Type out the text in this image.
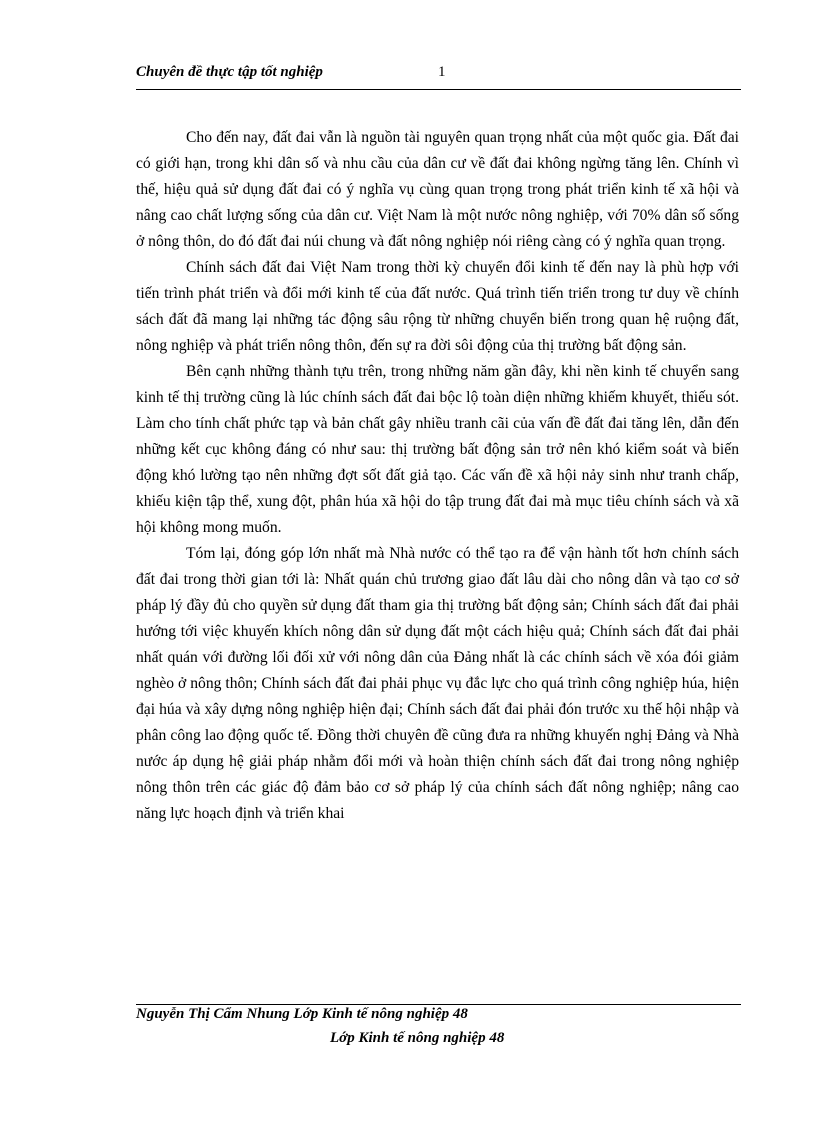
Chuyên đề thực tập tốt nghiệp	1

Cho đến nay, đất đai vẫn là nguồn tài nguyên quan trọng nhất của một quốc gia. Đất đai có giới hạn, trong khi dân số và nhu cầu của dân cư về đất đai không ngừng tăng lên. Chính vì thế, hiệu quả sử dụng đất đai có ý nghĩa vụ cùng quan trọng trong phát triển kinh tế xã hội và nâng cao chất lượng sống của dân cư. Việt Nam là một nước nông nghiệp, với 70% dân số sống ở nông thôn, do đó đất đai núi chung và đất nông nghiệp nói riêng càng có ý nghĩa quan trọng.

Chính sách đất đai Việt Nam trong thời kỳ chuyển đổi kinh tế đến nay là phù hợp với tiến trình phát triển và đổi mới kinh tế của đất nước. Quá trình tiến triển trong tư duy về chính sách đất đã mang lại những tác động sâu rộng từ những chuyển biến trong quan hệ ruộng đất, nông nghiệp và phát triển nông thôn, đến sự ra đời sôi động của thị trường bất động sản.

Bên cạnh những thành tựu trên, trong những năm gần đây, khi nền kinh tế chuyển sang kinh tế thị trường cũng là lúc chính sách đất đai bộc lộ toàn diện những khiếm khuyết, thiếu sót. Làm cho tính chất phức tạp và bản chất gây nhiều tranh cãi của vấn đề đất đai tăng lên, dẫn đến những kết cục không đáng có như sau: thị trường bất động sản trở nên khó kiểm soát và biến động khó lường tạo nên những đợt sốt đất giả tạo. Các vấn đề xã hội nảy sinh như tranh chấp, khiếu kiện tập thể, xung đột, phân húa xã hội do tập trung đất đai mà mục tiêu chính sách và xã hội không mong muốn.

Tóm lại, đóng góp lớn nhất mà Nhà nước có thể tạo ra để vận hành tốt hơn chính sách đất đai trong thời gian tới là: Nhất quán chủ trương giao đất lâu dài cho nông dân và tạo cơ sở pháp lý đầy đủ cho quyền sử dụng đất tham gia thị trường bất động sản; Chính sách đất đai phải hướng tới việc khuyến khích nông dân sử dụng đất một cách hiệu quả; Chính sách đất đai phải nhất quán với đường lối đối xử với nông dân của Đảng nhất là các chính sách về xóa đói giảm nghèo ở nông thôn; Chính sách đất đai phải phục vụ đắc lực cho quá trình công nghiệp húa, hiện đại húa và xây dựng nông nghiệp hiện đại; Chính sách đất đai phải đón trước xu thế hội nhập và phân công lao động quốc tế. Đồng thời chuyên đề cũng đưa ra những khuyến nghị Đảng và Nhà nước áp dụng hệ giải pháp nhằm đổi mới và hoàn thiện chính sách đất đai trong nông nghiệp nông thôn trên các giác độ đảm bảo cơ sở pháp lý của chính sách đất nông nghiệp; nâng cao năng lực hoạch định và triển khai

Nguyễn Thị Cẩm Nhung Lớp Kinh tế nông nghiệp 48
Lớp Kinh tế nông nghiệp 48
